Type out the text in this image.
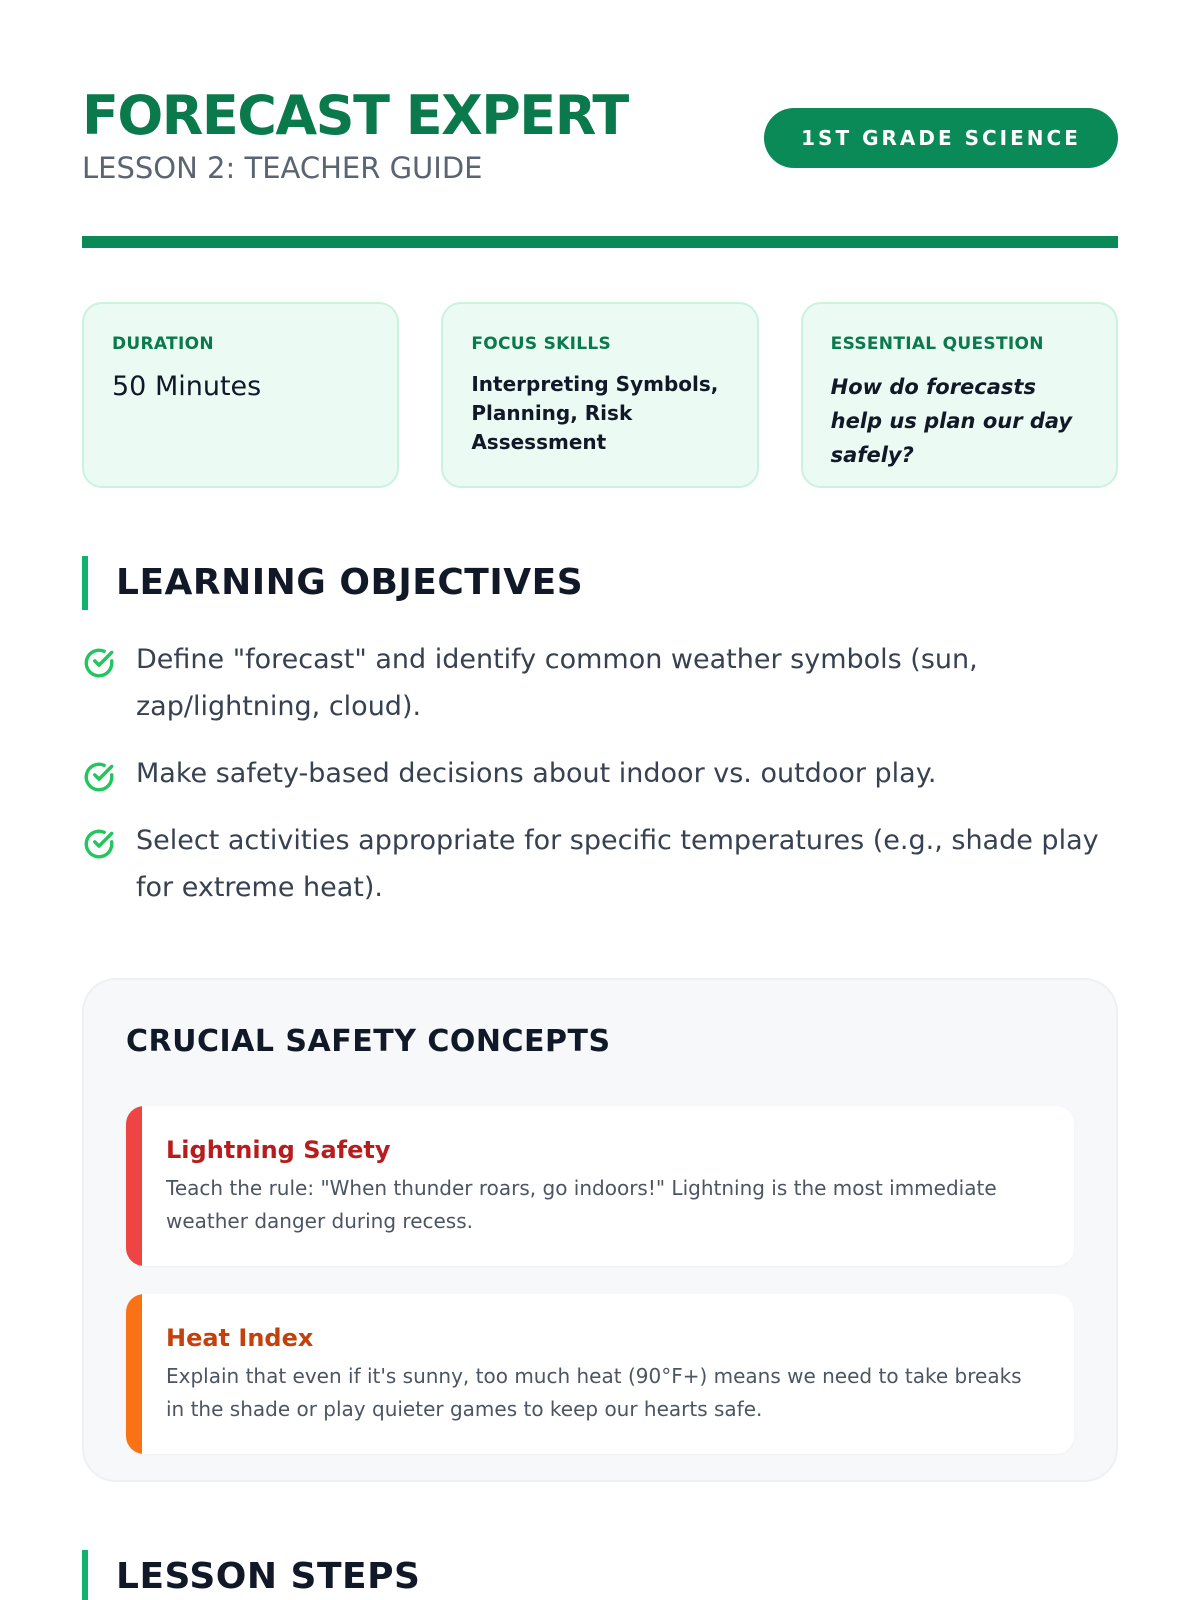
FORECAST EXPERT
LESSON 2: TEACHER GUIDE
1ST GRADE SCIENCE
DURATION
50 Minutes
FOCUS SKILLS
Interpreting Symbols, Planning, Risk Assessment
ESSENTIAL QUESTION
How do forecasts help us plan our day safely?
LEARNING OBJECTIVES
Define "forecast" and identify common weather symbols (sun, zap/lightning, cloud).
Make safety-based decisions about indoor vs. outdoor play.
Select activities appropriate for specific temperatures (e.g., shade play for extreme heat).
CRUCIAL SAFETY CONCEPTS
Lightning Safety

Teach the rule: "When thunder roars, go indoors!" Lightning is the most immediate weather danger during recess.

Heat Index

Explain that even if it's sunny, too much heat (90°F+) means we need to take breaks in the shade or play quieter games to keep our hearts safe.

LESSON STEPS
